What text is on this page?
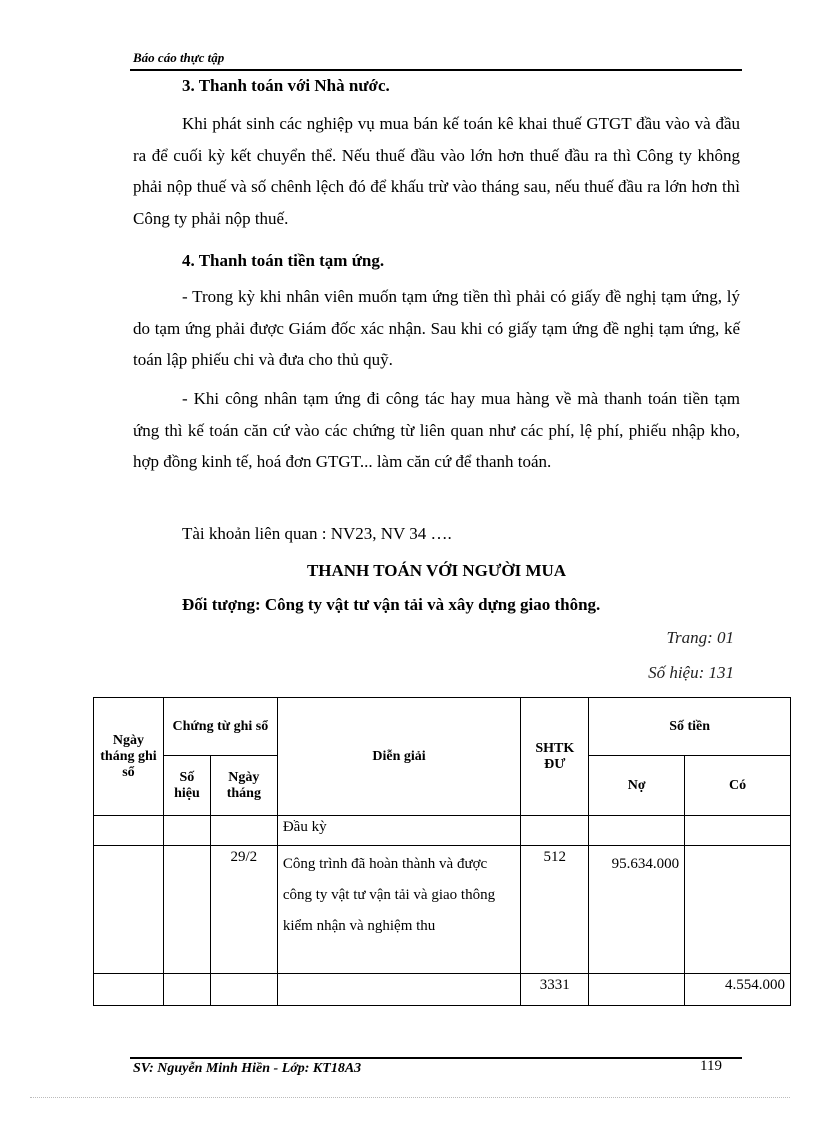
Báo cáo thực tập
3. Thanh toán với Nhà nước.
Khi phát sinh các nghiệp vụ mua bán kế toán kê khai thuế GTGT đầu vào và đầu ra để cuối kỳ kết chuyển thể. Nếu thuế đầu vào lớn hơn thuế đầu ra thì Công ty không phải nộp thuế và số chênh lệch đó để khấu trừ vào tháng sau, nếu thuế đầu ra lớn hơn thì Công ty phải nộp thuế.
4. Thanh toán tiền tạm ứng.
- Trong kỳ khi nhân viên muốn tạm ứng tiền thì phải có giấy đề nghị tạm ứng, lý do tạm ứng phải được Giám đốc xác nhận. Sau khi có giấy tạm ứng đề nghị tạm ứng, kế toán lập phiếu chi và đưa cho thủ quỹ.
- Khi công nhân tạm ứng đi công tác hay mua hàng về mà thanh toán tiền tạm ứng thì kế toán căn cứ vào các chứng từ liên quan như các phí, lệ phí, phiếu nhập kho, hợp đồng kinh tế, hoá đơn GTGT... làm căn cứ để thanh toán.
Tài khoản liên quan : NV23, NV 34 ….
THANH TOÁN VỚI NGƯỜI MUA
Đối tượng: Công ty vật tư vận tải và xây dựng giao thông.
Trang: 01
Số hiệu: 131
Ngày tháng ghi sổ	Chứng từ ghi sổ		Diễn giải	SHTK ĐƯ	Số tiền	
	Số hiệu	Ngày tháng			Nợ	Có
			Đầu kỳ			
		29/2	Công trình đã hoàn thành và được công ty vật tư vận tải và giao thông kiểm nhận và nghiệm thu	512	95.634.000	
				3331		4.554.000
SV: Nguyễn Minh Hiền - Lớp: KT18A3	119
